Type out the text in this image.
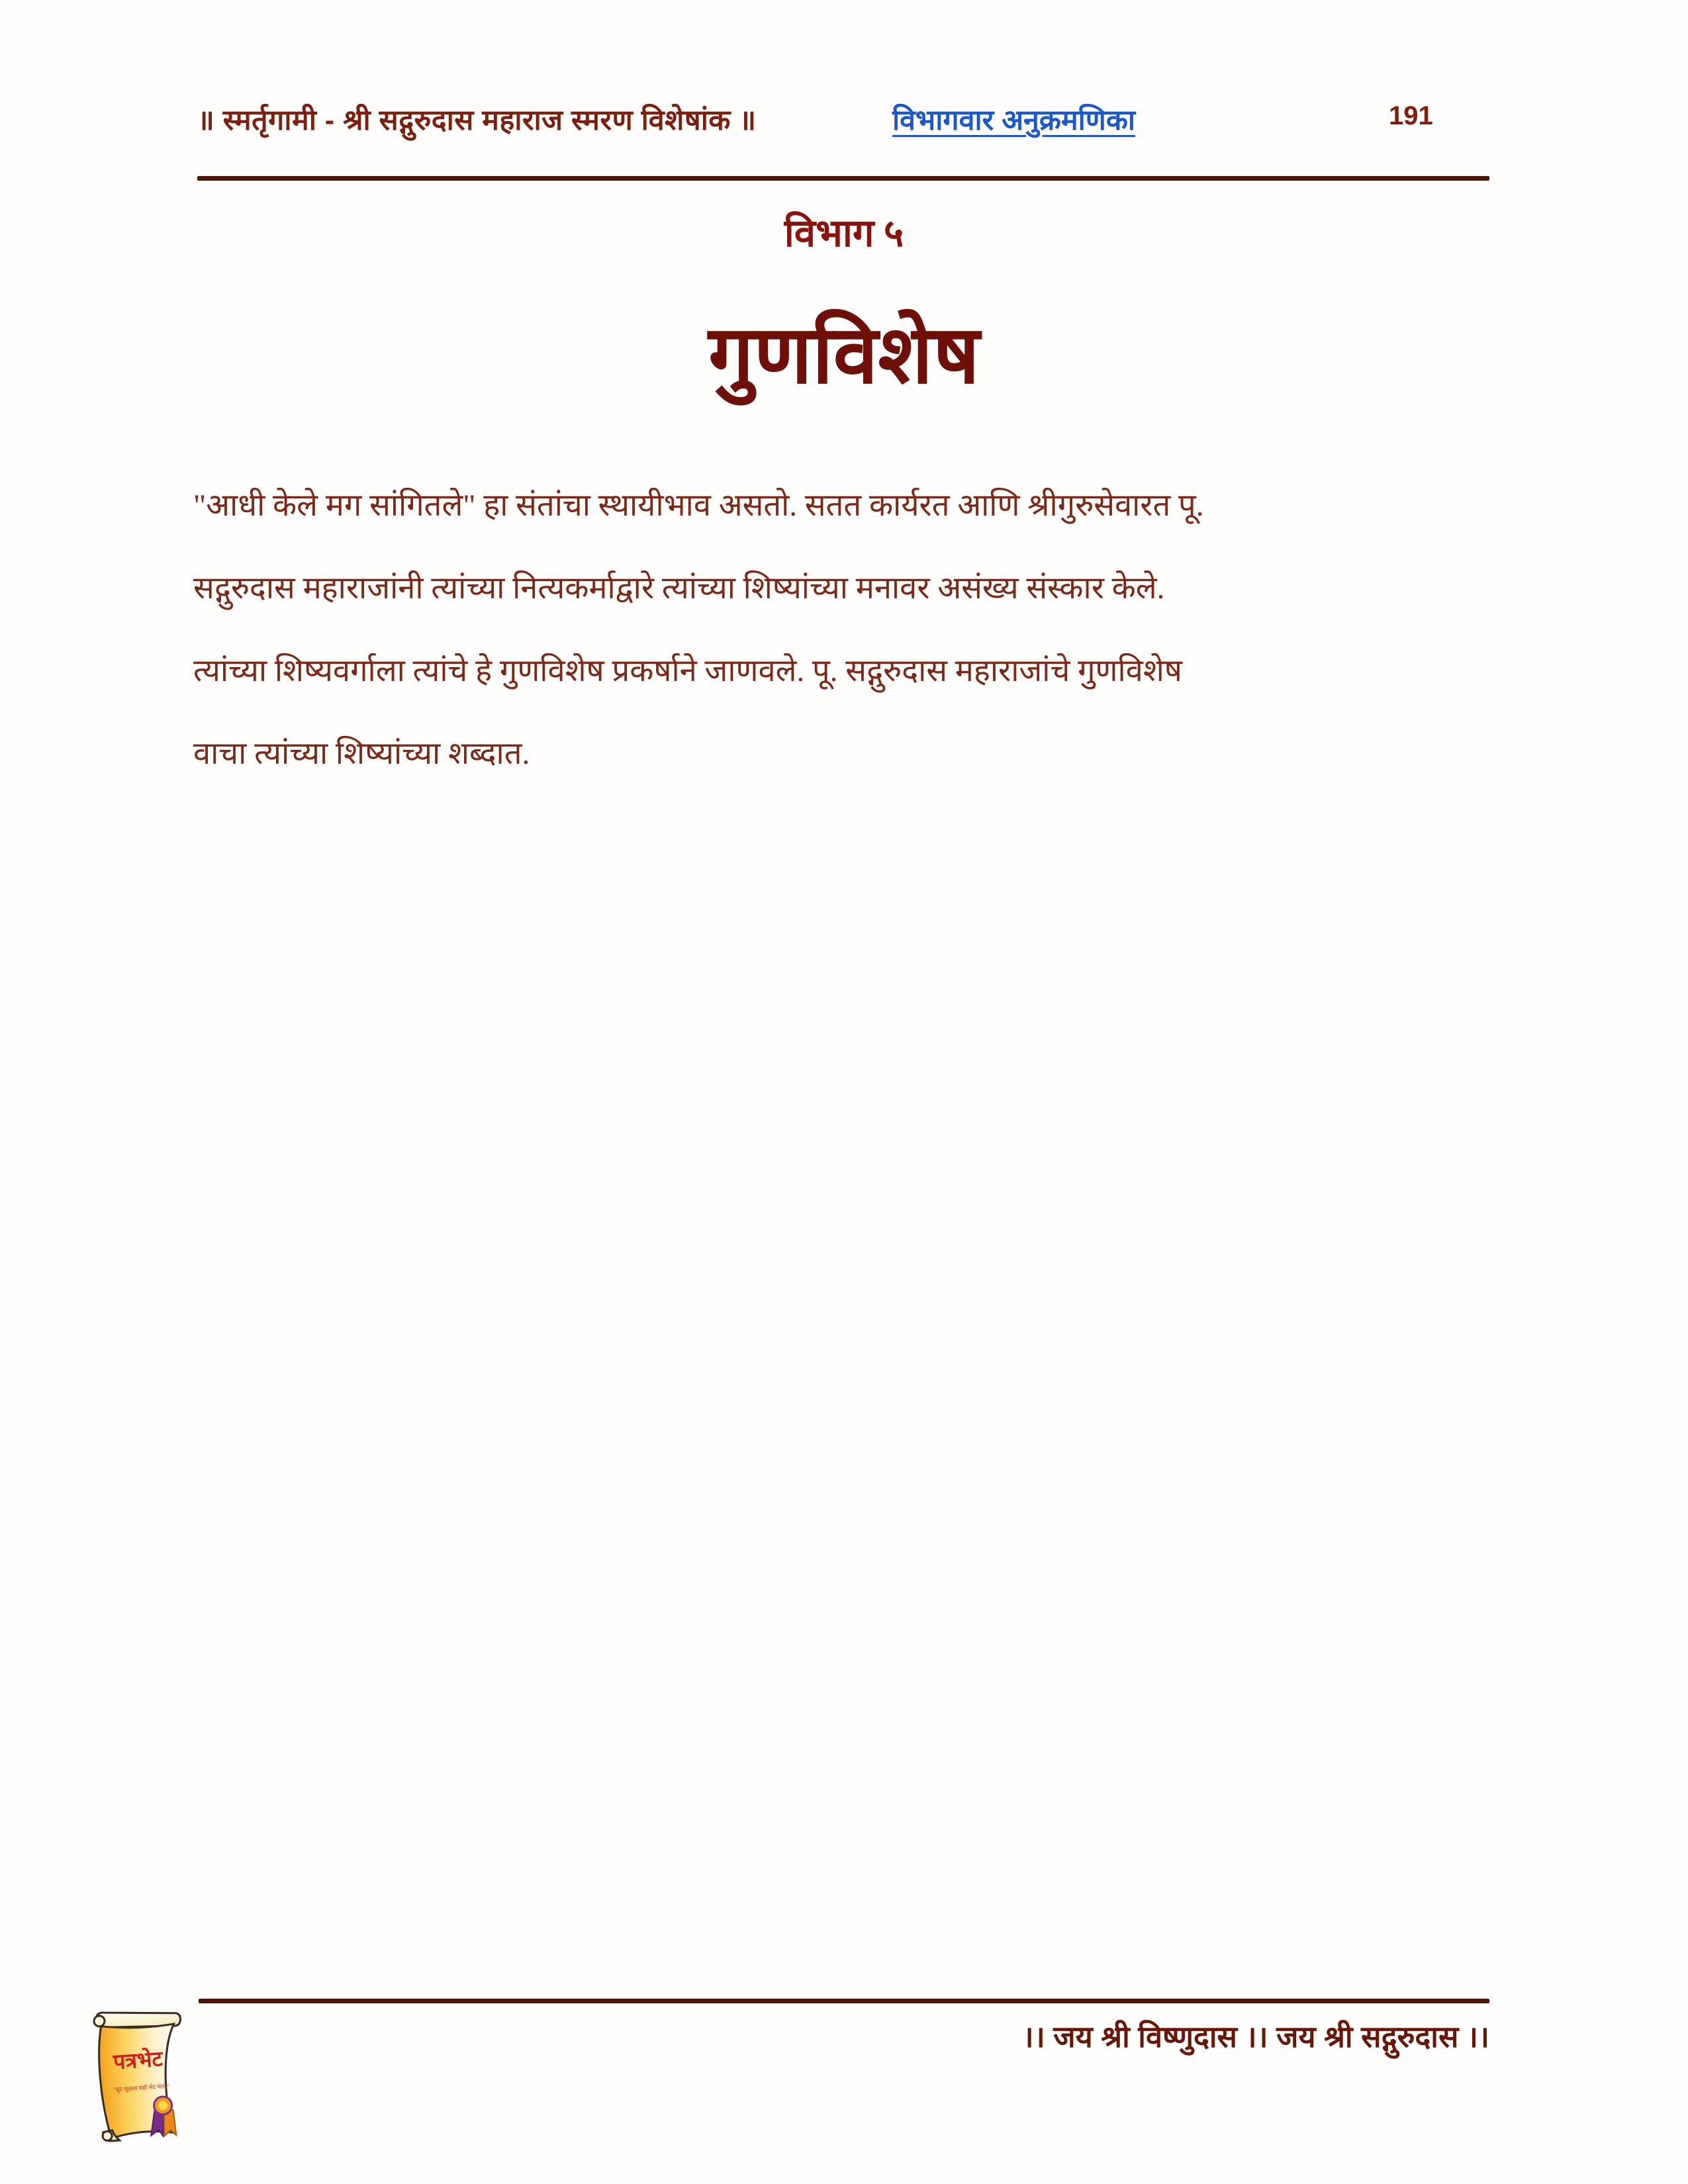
॥ स्मर्तृगामी - श्री सद्गुरुदास महाराज स्मरण विशेषांक ॥	विभागवार अनुक्रमणिका	191
विभाग ५
गुणविशेष
"आधी केले मग सांगितले" हा संतांचा स्थायीभाव असतो. सतत कार्यरत आणि श्रीगुरुसेवारत पू.
सद्गुरुदास महाराजांनी त्यांच्या नित्यकर्माद्वारे त्यांच्या शिष्यांच्या मनावर असंख्य संस्कार केले.
त्यांच्या शिष्यवर्गाला त्यांचे हे गुणविशेष प्रकर्षाने जाणवले. पू. सद्गुरुदास महाराजांचे गुणविशेष
वाचा त्यांच्या शिष्यांच्या शब्दात.
।। जय श्री विष्णुदास ।। जय श्री सद्गुरुदास ।।
पत्रभेट
"सूर जुळता घडो भेट मंतरे"
